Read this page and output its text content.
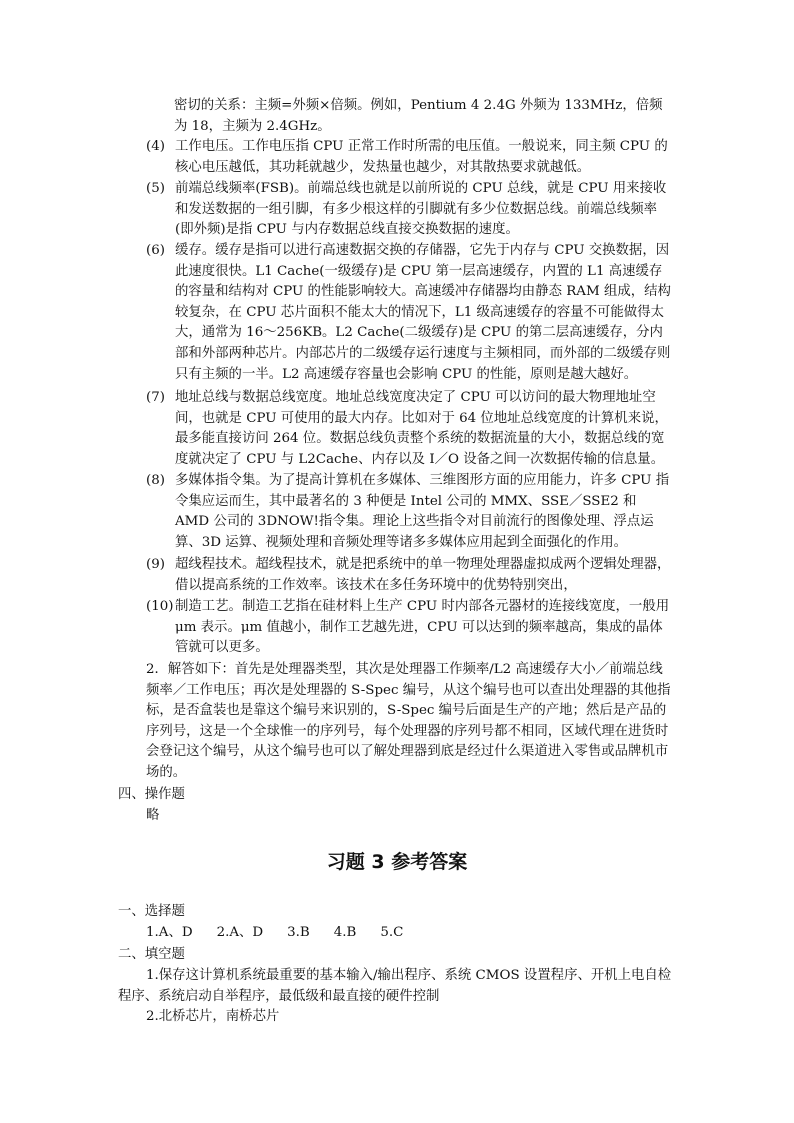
密切的关系：主频=外频×倍频。例如，Pentium 4 2.4G 外频为 133MHz，倍频为 18，主频为 2.4GHz。

(4) 工作电压。工作电压指 CPU 正常工作时所需的电压值。一般说来，同主频 CPU 的核心电压越低，其功耗就越少，发热量也越少，对其散热要求就越低。
(5) 前端总线频率(FSB)。前端总线也就是以前所说的 CPU 总线，就是 CPU 用来接收和发送数据的一组引脚，有多少根这样的引脚就有多少位数据总线。前端总线频率(即外频)是指 CPU 与内存数据总线直接交换数据的速度。
(6) 缓存。缓存是指可以进行高速数据交换的存储器，它先于内存与 CPU 交换数据，因此速度很快。L1 Cache(一级缓存)是 CPU 第一层高速缓存，内置的 L1 高速缓存的容量和结构对 CPU 的性能影响较大。高速缓冲存储器均由静态 RAM 组成，结构较复杂，在 CPU 芯片面积不能太大的情况下，L1 级高速缓存的容量不可能做得太大，通常为 16～256KB。L2 Cache(二级缓存)是 CPU 的第二层高速缓存，分内部和外部两种芯片。内部芯片的二级缓存运行速度与主频相同，而外部的二级缓存则只有主频的一半。L2 高速缓存容量也会影响 CPU 的性能，原则是越大越好。
(7) 地址总线与数据总线宽度。地址总线宽度决定了 CPU 可以访问的最大物理地址空间，也就是 CPU 可使用的最大内存。比如对于 64 位地址总线宽度的计算机来说，最多能直接访问 264 位。数据总线负责整个系统的数据流量的大小，数据总线的宽度就决定了 CPU 与 L2Cache、内存以及 I／O 设备之间一次数据传输的信息量。
(8) 多媒体指令集。为了提高计算机在多媒体、三维图形方面的应用能力，许多 CPU 指令集应运而生，其中最著名的 3 种便是 Intel 公司的 MMX、SSE／SSE2 和 AMD 公司的 3DNOW!指令集。理论上这些指令对目前流行的图像处理、浮点运算、3D 运算、视频处理和音频处理等诸多多媒体应用起到全面强化的作用。
(9) 超线程技术。超线程技术，就是把系统中的单一物理处理器虚拟成两个逻辑处理器，借以提高系统的工作效率。该技术在多任务环境中的优势特别突出，
(10) 制造工艺。制造工艺指在硅材料上生产 CPU 时内部各元器材的连接线宽度，一般用μm 表示。μm 值越小，制作工艺越先进，CPU 可以达到的频率越高，集成的晶体管就可以更多。

2．解答如下：首先是处理器类型，其次是处理器工作频率/L2 高速缓存大小／前端总线频率／工作电压；再次是处理器的 S-Spec 编号，从这个编号也可以查出处理器的其他指标，是否盒装也是靠这个编号来识别的，S-Spec 编号后面是生产的产地；然后是产品的序列号，这是一个全球惟一的序列号，每个处理器的序列号都不相同，区域代理在进货时会登记这个编号，从这个编号也可以了解处理器到底是经过什么渠道进入零售或品牌机市场的。

四、操作题

略

习题 3 参考答案

一、选择题

1.A、D 2.A、D 3.B 4.B 5.C

二、填空题

1.保存这计算机系统最重要的基本输入/输出程序、系统 CMOS 设置程序、开机上电自检程序、系统启动自举程序，最低级和最直接的硬件控制

2.北桥芯片，南桥芯片
